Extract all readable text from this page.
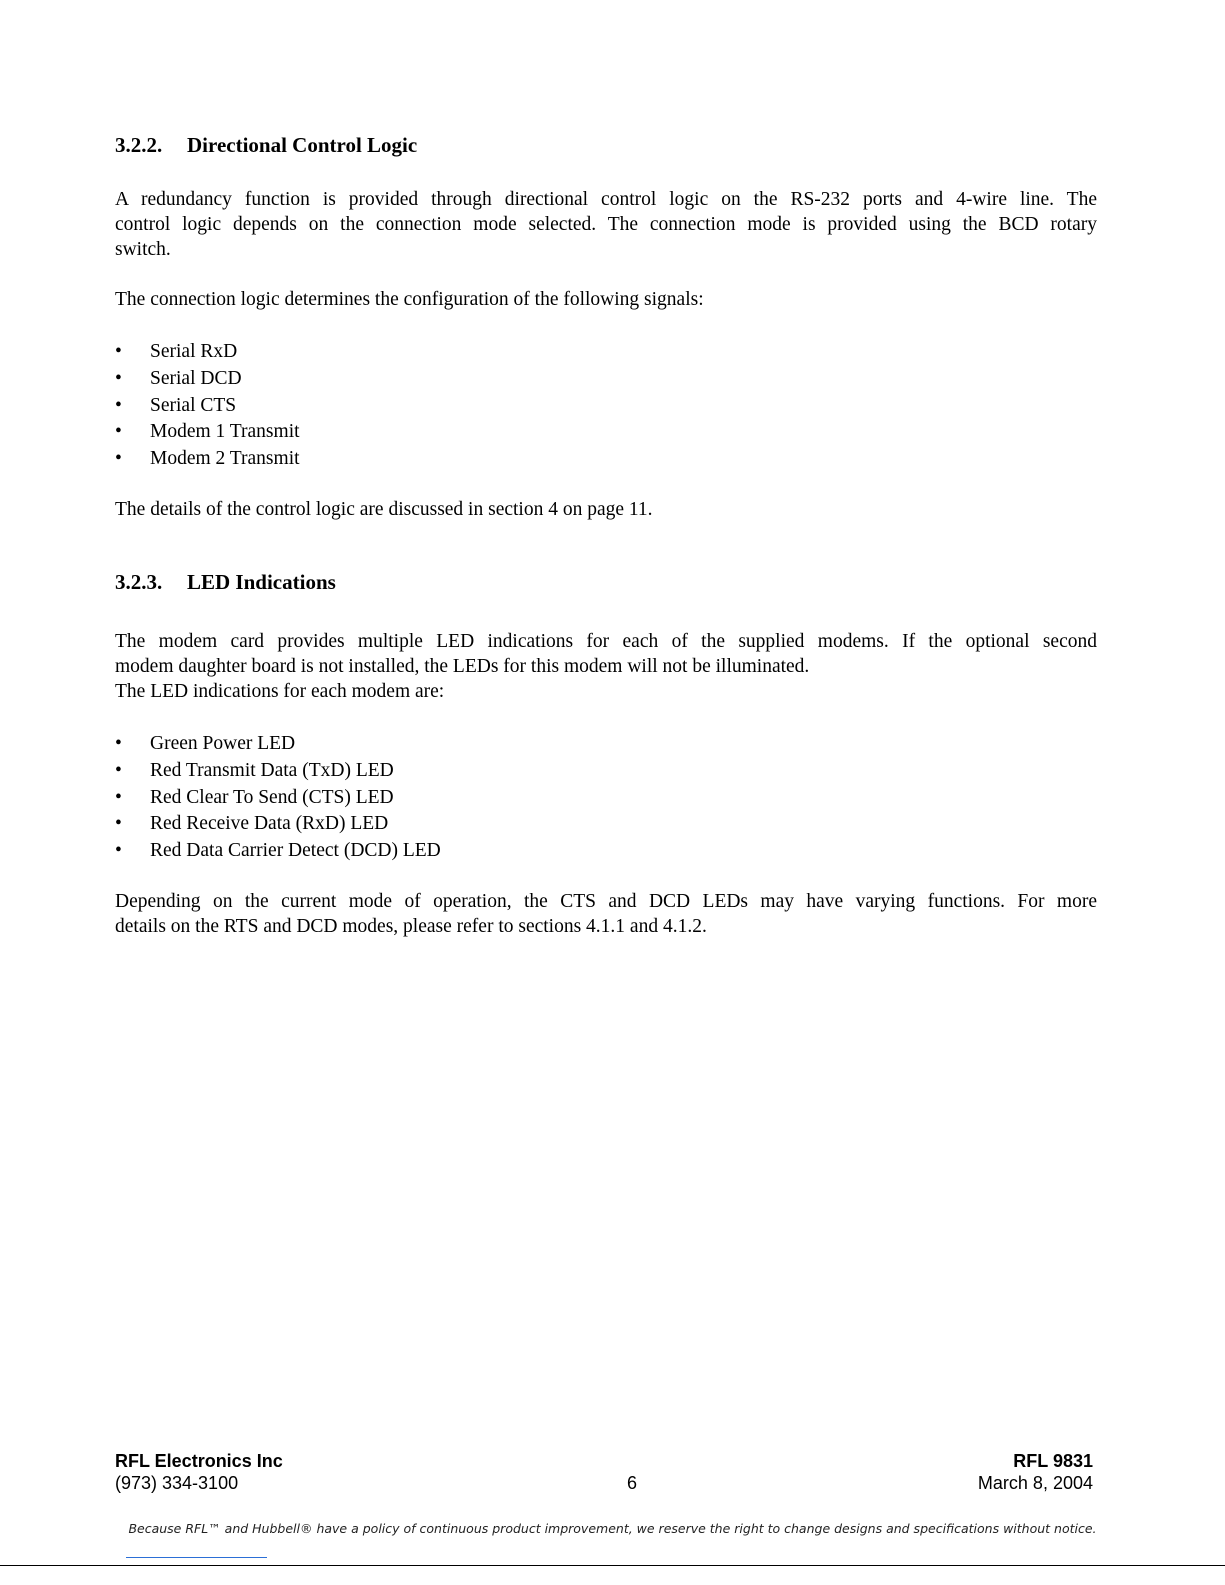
3.2.2. Directional Control Logic

A redundancy function is provided through directional control logic on the RS-232 ports and 4-wire line. The
control logic depends on the connection mode selected. The connection mode is provided using the BCD rotary
switch.

The connection logic determines the configuration of the following signals:

• Serial RxD
• Serial DCD
• Serial CTS
• Modem 1 Transmit
• Modem 2 Transmit

The details of the control logic are discussed in section 4 on page 11.

3.2.3. LED Indications

The modem card provides multiple LED indications for each of the supplied modems. If the optional second
modem daughter board is not installed, the LEDs for this modem will not be illuminated.
The LED indications for each modem are:

• Green Power LED
• Red Transmit Data (TxD) LED
• Red Clear To Send (CTS) LED
• Red Receive Data (RxD) LED
• Red Data Carrier Detect (DCD) LED

Depending on the current mode of operation, the CTS and DCD LEDs may have varying functions. For more
details on the RTS and DCD modes, please refer to sections 4.1.1 and 4.1.2.

RFL Electronics Inc
(973) 334-3100	6
RFL 9831
March 8, 2004
Because RFL™ and Hubbell® have a policy of continuous product improvement, we reserve the right to change designs and specifications without notice.
